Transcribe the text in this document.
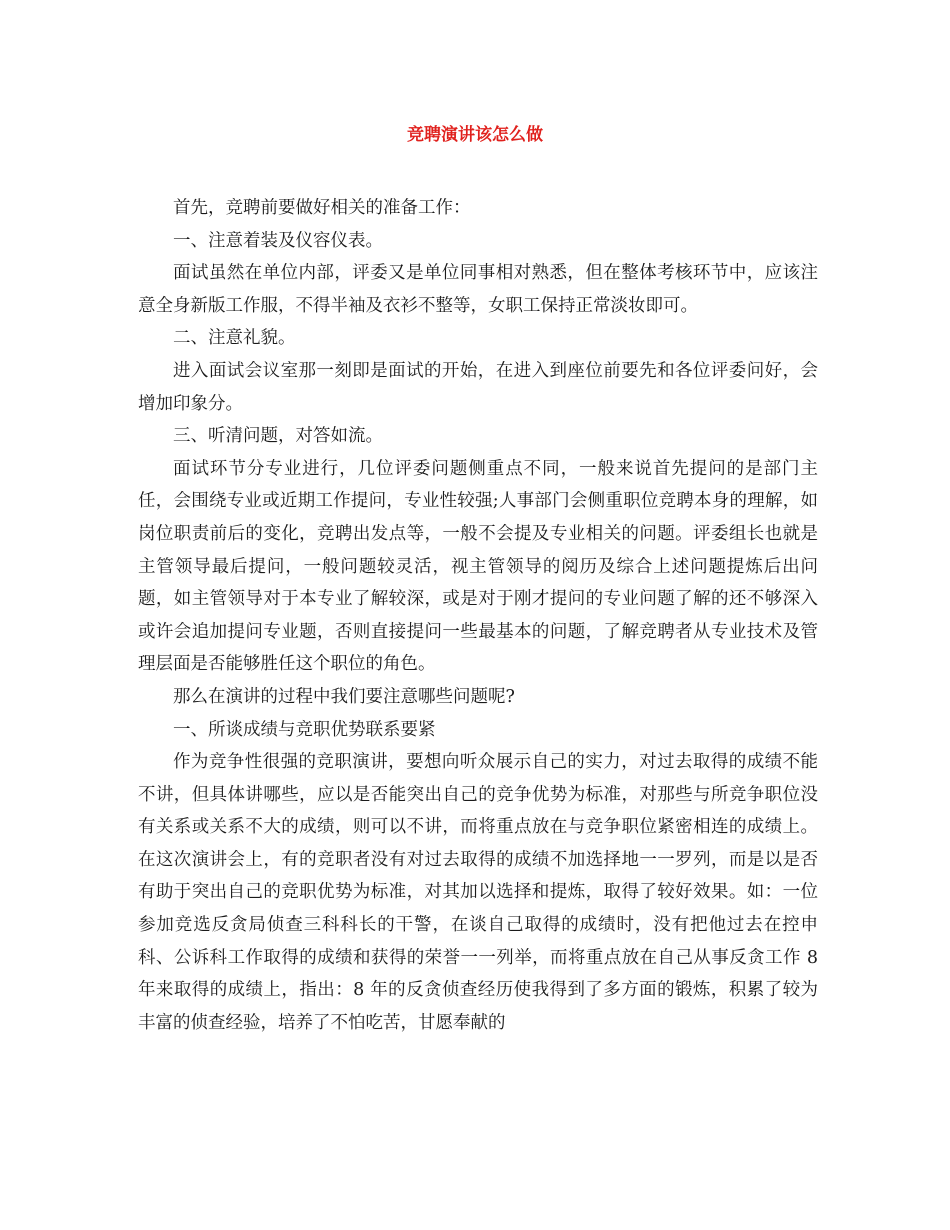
竞聘演讲该怎么做

首先，竞聘前要做好相关的准备工作：

一、注意着装及仪容仪表。

面试虽然在单位内部，评委又是单位同事相对熟悉，但在整体考核环节中，应该注意全身新版工作服，不得半袖及衣衫不整等，女职工保持正常淡妆即可。

二、注意礼貌。

进入面试会议室那一刻即是面试的开始，在进入到座位前要先和各位评委问好，会增加印象分。

三、听清问题，对答如流。

面试环节分专业进行，几位评委问题侧重点不同，一般来说首先提问的是部门主任，会围绕专业或近期工作提问，专业性较强;人事部门会侧重职位竞聘本身的理解，如岗位职责前后的变化，竞聘出发点等，一般不会提及专业相关的问题。评委组长也就是主管领导最后提问，一般问题较灵活，视主管领导的阅历及综合上述问题提炼后出问题，如主管领导对于本专业了解较深，或是对于刚才提问的专业问题了解的还不够深入或许会追加提问专业题，否则直接提问一些最基本的问题，了解竞聘者从专业技术及管理层面是否能够胜任这个职位的角色。

那么在演讲的过程中我们要注意哪些问题呢?

一、所谈成绩与竞职优势联系要紧

作为竞争性很强的竞职演讲，要想向听众展示自己的实力，对过去取得的成绩不能不讲，但具体讲哪些，应以是否能突出自己的竞争优势为标准，对那些与所竞争职位没有关系或关系不大的成绩，则可以不讲，而将重点放在与竞争职位紧密相连的成绩上。在这次演讲会上，有的竞职者没有对过去取得的成绩不加选择地一一罗列，而是以是否有助于突出自己的竞职优势为标准，对其加以选择和提炼，取得了较好效果。如：一位参加竞选反贪局侦查三科科长的干警，在谈自己取得的成绩时，没有把他过去在控申科、公诉科工作取得的成绩和获得的荣誉一一列举，而将重点放在自己从事反贪工作 8 年来取得的成绩上，指出：8 年的反贪侦查经历使我得到了多方面的锻炼，积累了较为丰富的侦查经验，培养了不怕吃苦，甘愿奉献的
